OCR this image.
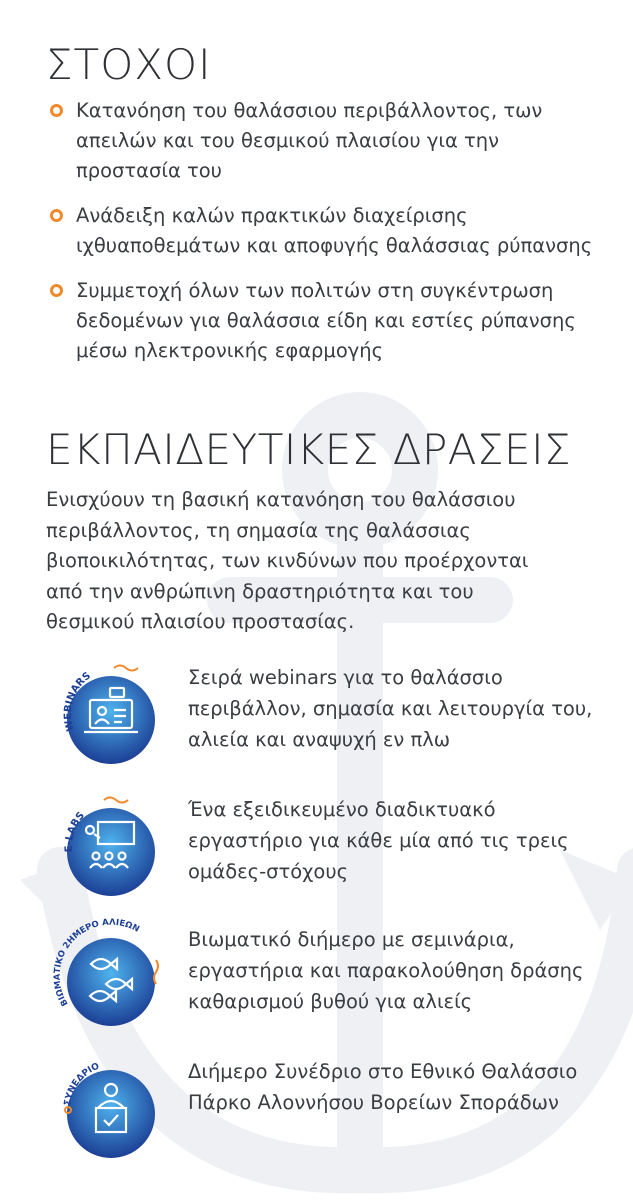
ΣΤΟΧΟΙ
Κατανόηση του θαλάσσιου περιβάλλοντος, των απειλών και του θεσμικού πλαισίου για την προστασία του
Ανάδειξη καλών πρακτικών διαχείρισης ιχθυαποθεμάτων και αποφυγής θαλάσσιας ρύπανσης
Συμμετοχή όλων των πολιτών στη συγκέντρωση δεδομένων για θαλάσσια είδη και εστίες ρύπανσης μέσω ηλεκτρονικής εφαρμογής
ΕΚΠΑΙΔΕΥΤΙΚΕΣ ΔΡΑΣΕΙΣ

Ενισχύουν τη βασική κατανόηση του θαλάσσιου περιβάλλοντος, τη σημασία της θαλάσσιας βιοποικιλότητας, των κινδύνων που προέρχονται από την ανθρώπινη δραστηριότητα και του θεσμικού πλαισίου προστασίας.

WEBINARS	Σειρά webinars για το θαλάσσιο περιβάλλον, σημασία και λειτουργία του, αλιεία και αναψυχή εν πλω

E-LABS	Ένα εξειδικευμένο διαδικτυακό εργαστήριο για κάθε μία από τις τρεις ομάδες-στόχους

ΒΙΩΜΑΤΙΚΟ 2ΗΜΕΡΟ ΑΛΙΕΩΝ Βιωματικό διήμερο με σεμινάρια, εργαστήρια και παρακολούθηση δράσης καθαρισμού βυθού για αλιείς

ΣΥΝΕΔΡΙΟ	Διήμερο Συνέδριο στο Εθνικό Θαλάσσιο Πάρκο Αλοννήσου Βορείων Σποράδων
